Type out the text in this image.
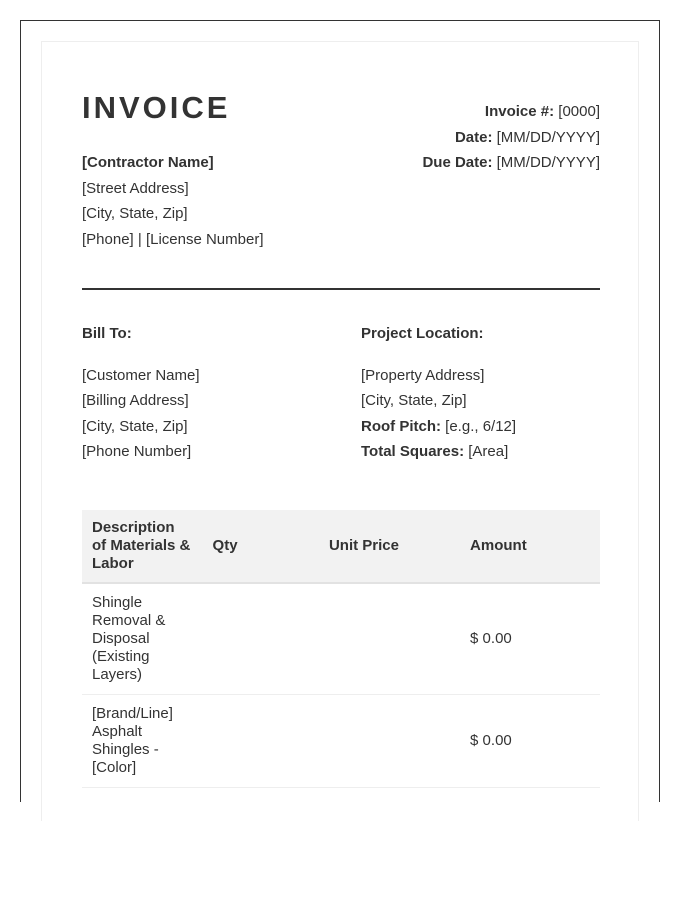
INVOICE	Invoice #: [0000]
Date: [MM/DD/YYYY]
Due Date: [MM/DD/YYYY]
[Contractor Name]
[Street Address]
[City, State, Zip]
[Phone] | [License Number]
Bill To:
[Customer Name]
[Billing Address]
[City, State, Zip]
[Phone Number]
Project Location:
[Property Address]
[City, State, Zip]
Roof Pitch: [e.g., 6/12]
Total Squares: [Area]
Description of Materials & Labor	Qty	Unit Price	Amount
Shingle Removal & Disposal (Existing Layers)			$ 0.00
[Brand/Line] Asphalt Shingles - [Color]			$ 0.00
